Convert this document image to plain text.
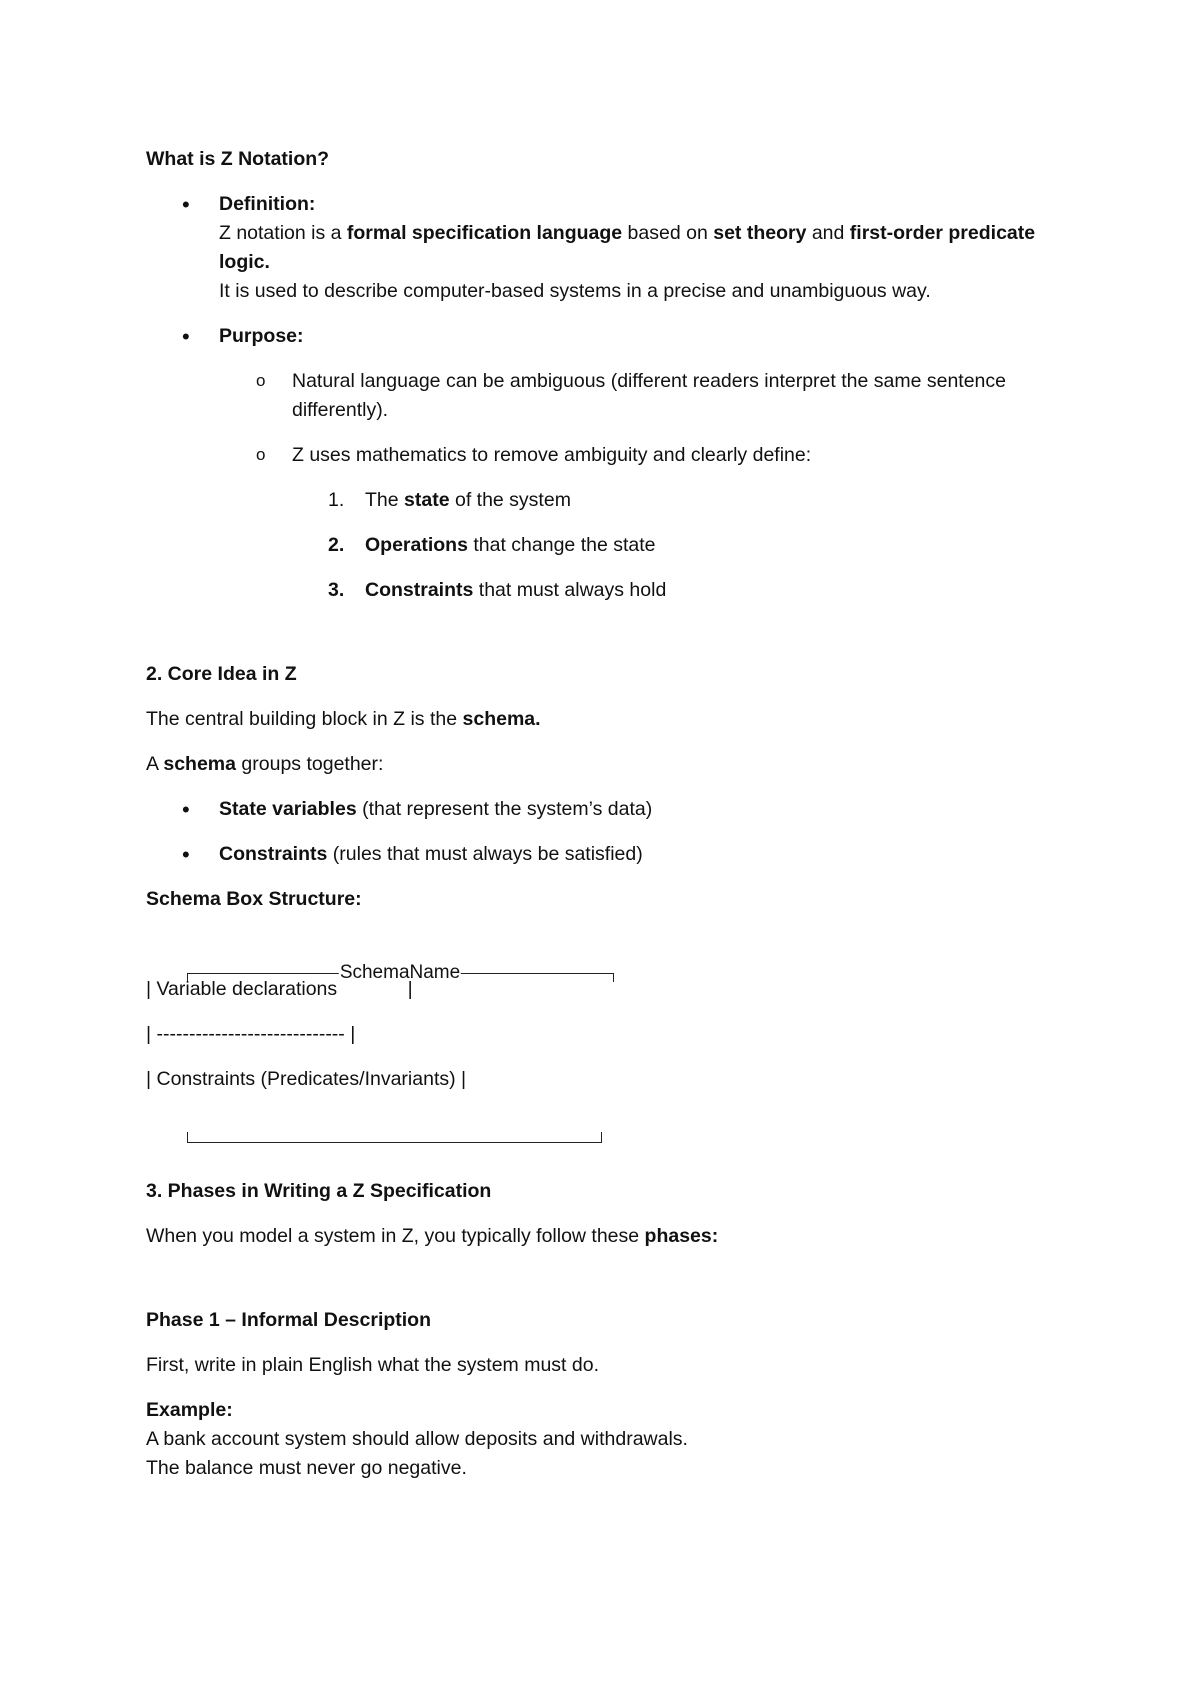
What is Z Notation?

• Definition:
Z notation is a formal specification language based on set theory and first-order predicate logic.
It is used to describe computer-based systems in a precise and unambiguous way.
• Purpose:
o Natural language can be ambiguous (different readers interpret the same sentence differently).
o Z uses mathematics to remove ambiguity and clearly define:
1. The state of the system
2. Operations that change the state
3. Constraints that must always hold

2. Core Idea in Z

The central building block in Z is the schema.

A schema groups together:

• State variables (that represent the system’s data)
• Constraints (rules that must always be satisfied)

Schema Box Structure:

SchemaName

| Variable declarations             |
| ----------------------------- |
| Constraints (Predicates/Invariants) |

3. Phases in Writing a Z Specification

When you model a system in Z, you typically follow these phases:

Phase 1 – Informal Description

First, write in plain English what the system must do.

Example:
A bank account system should allow deposits and withdrawals.
The balance must never go negative.
